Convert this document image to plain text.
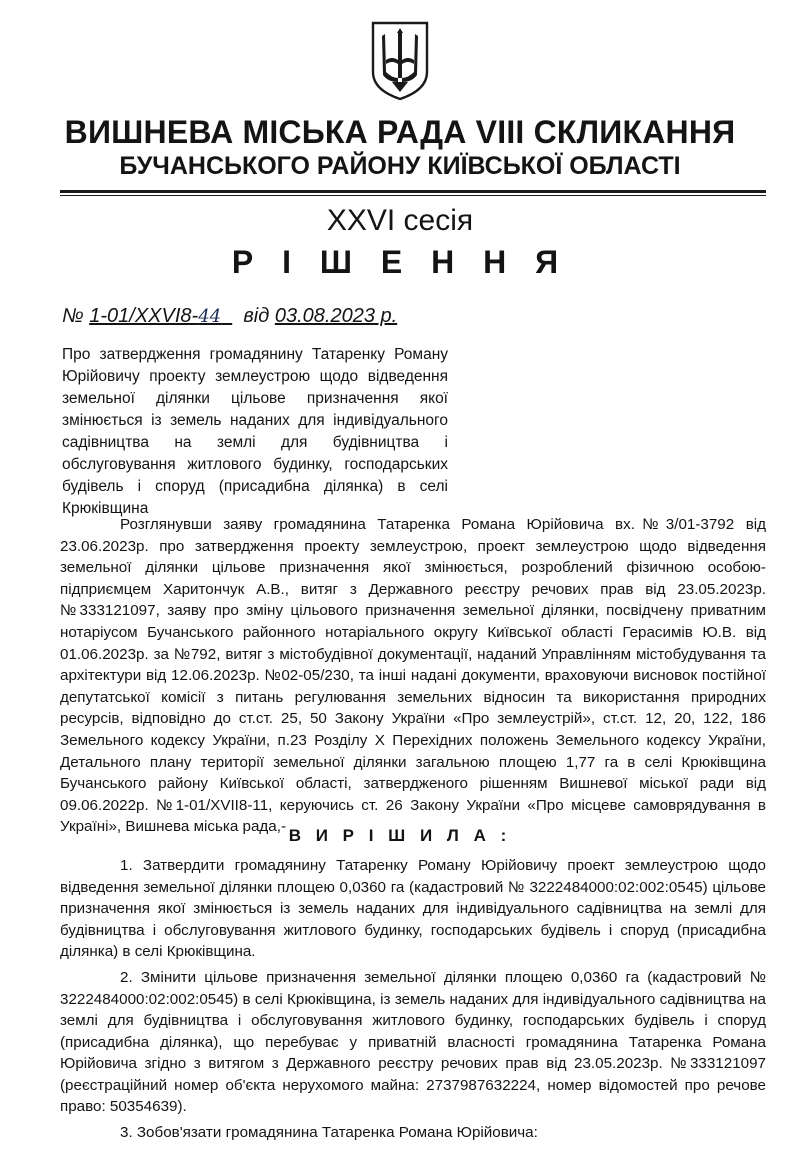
ВИШНЕВА МІСЬКА РАДА VIII СКЛИКАННЯ
БУЧАНСЬКОГО РАЙОНУ КИЇВСЬКОЇ ОБЛАСТІ
XXVI сесія
Р І Ш Е Н Н Я
№ 1-01/XXVI8-44 від 03.08.2023 р.

Про затвердження громадянину Татаренку Роману Юрійовичу проекту землеустрою щодо відведення земельної ділянки цільове призначення якої змінюється із земель наданих для індивідуального садівництва на землі для будівництва і обслуговування житлового будинку, господарських будівель і споруд (присадибна ділянка) в селі Крюківщина

Розглянувши заяву громадянина Татаренка Романа Юрійовича вх.№3/01-3792 від 23.06.2023р. про затвердження проекту землеустрою, проект землеустрою щодо відведення земельної ділянки цільове призначення якої змінюється, розроблений фізичною особою-підприємцем Харитончук А.В., витяг з Державного реєстру речових прав від 23.05.2023р. №333121097, заяву про зміну цільового призначення земельної ділянки, посвідчену приватним нотаріусом Бучанського районного нотаріального округу Київської області Герасимів Ю.В. від 01.06.2023р. за №792, витяг з містобудівної документації, наданий Управлінням містобудування та архітектури від 12.06.2023р. №02-05/230, та інші надані документи, враховуючи висновок постійної депутатської комісії з питань регулювання земельних відносин та використання природних ресурсів, відповідно до ст.ст. 25, 50 Закону України «Про землеустрій», ст.ст. 12, 20, 122, 186 Земельного кодексу України, п.23 Розділу X Перехідних положень Земельного кодексу України, Детального плану території земельної ділянки загальною площею 1,77 га в селі Крюківщина Бучанського району Київської області, затвердженого рішенням Вишневої міської ради від 09.06.2022р. №1-01/XVII8-11, керуючись ст. 26 Закону України «Про місцеве самоврядування в Україні», Вишнева міська рада,- В И Р І Ш И Л А :

1. Затвердити громадянину Татаренку Роману Юрійовичу проект землеустрою щодо відведення земельної ділянки площею 0,0360 га (кадастровий № 3222484000:02:002:0545) цільове призначення якої змінюється із земель наданих для індивідуального садівництва на землі для будівництва і обслуговування житлового будинку, господарських будівель і споруд (присадибна ділянка) в селі Крюківщина.

2. Змінити цільове призначення земельної ділянки площею 0,0360 га (кадастровий № 3222484000:02:002:0545) в селі Крюківщина, із земель наданих для індивідуального садівництва на землі для будівництва і обслуговування житлового будинку, господарських будівель і споруд (присадибна ділянка), що перебуває у приватній власності громадянина Татаренка Романа Юрійовича згідно з витягом з Державного реєстру речових прав від 23.05.2023р. №333121097 (реєстраційний номер об'єкта нерухомого майна: 2737987632224, номер відомостей про речове право: 50354639).

3. Зобов'язати громадянина Татаренка Романа Юрійовича:
